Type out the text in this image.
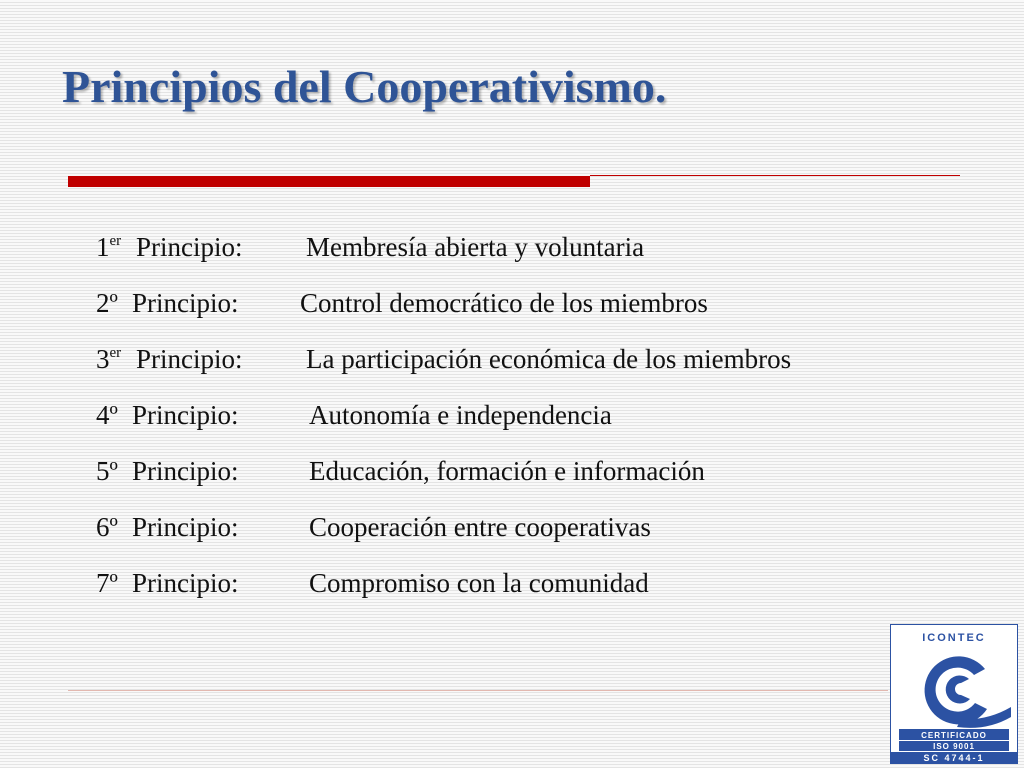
Principios del Cooperativismo.
1er Principio: Membresía abierta y voluntaria
2º Principio: Control democrático de los miembros
3er Principio: La participación económica de los miembros
4º Principio:	Autonomía e independencia
5º Principio:	Educación, formación e información
6º Principio:	Cooperación entre cooperativas
7º Principio:	Compromiso con la comunidad
ICONTEC
CERTIFICADO
ISO 9001
SC 4744-1
